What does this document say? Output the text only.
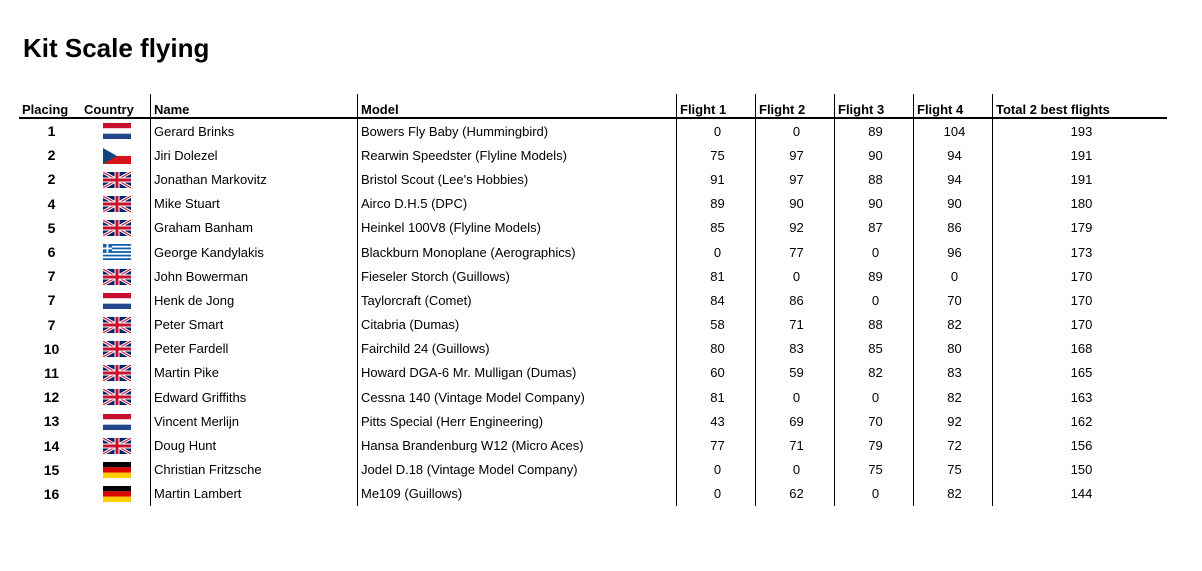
Kit Scale flying
Placing	Country	Name	Model	Flight 1	Flight 2	Flight 3	Flight 4	Total 2 best flights
1		Gerard Brinks	Bowers Fly Baby (Hummingbird)	0	0	89	104	193
2		Jiri Dolezel	Rearwin Speedster (Flyline Models)	75	97	90	94	191
2		Jonathan Markovitz	Bristol Scout (Lee's Hobbies)	91	97	88	94	191
4		Mike Stuart	Airco D.H.5 (DPC)	89	90	90	90	180
5		Graham Banham	Heinkel 100V8 (Flyline Models)	85	92	87	86	179
6		George Kandylakis	Blackburn Monoplane (Aerographics)	0	77	0	96	173
7		John Bowerman	Fieseler Storch (Guillows)	81	0	89	0	170
7		Henk de Jong	Taylorcraft (Comet)	84	86	0	70	170
7		Peter Smart	Citabria (Dumas)	58	71	88	82	170
10		Peter Fardell	Fairchild 24 (Guillows)	80	83	85	80	168
11		Martin Pike	Howard DGA-6 Mr. Mulligan (Dumas)	60	59	82	83	165
12		Edward Griffiths	Cessna 140 (Vintage Model Company)	81	0	0	82	163
13		Vincent Merlijn	Pitts Special (Herr Engineering)	43	69	70	92	162
14		Doug Hunt	Hansa Brandenburg W12 (Micro Aces)	77	71	79	72	156
15		Christian Fritzsche	Jodel D.18 (Vintage Model Company)	0	0	75	75	150
16		Martin Lambert	Me109 (Guillows)	0	62	0	82	144
